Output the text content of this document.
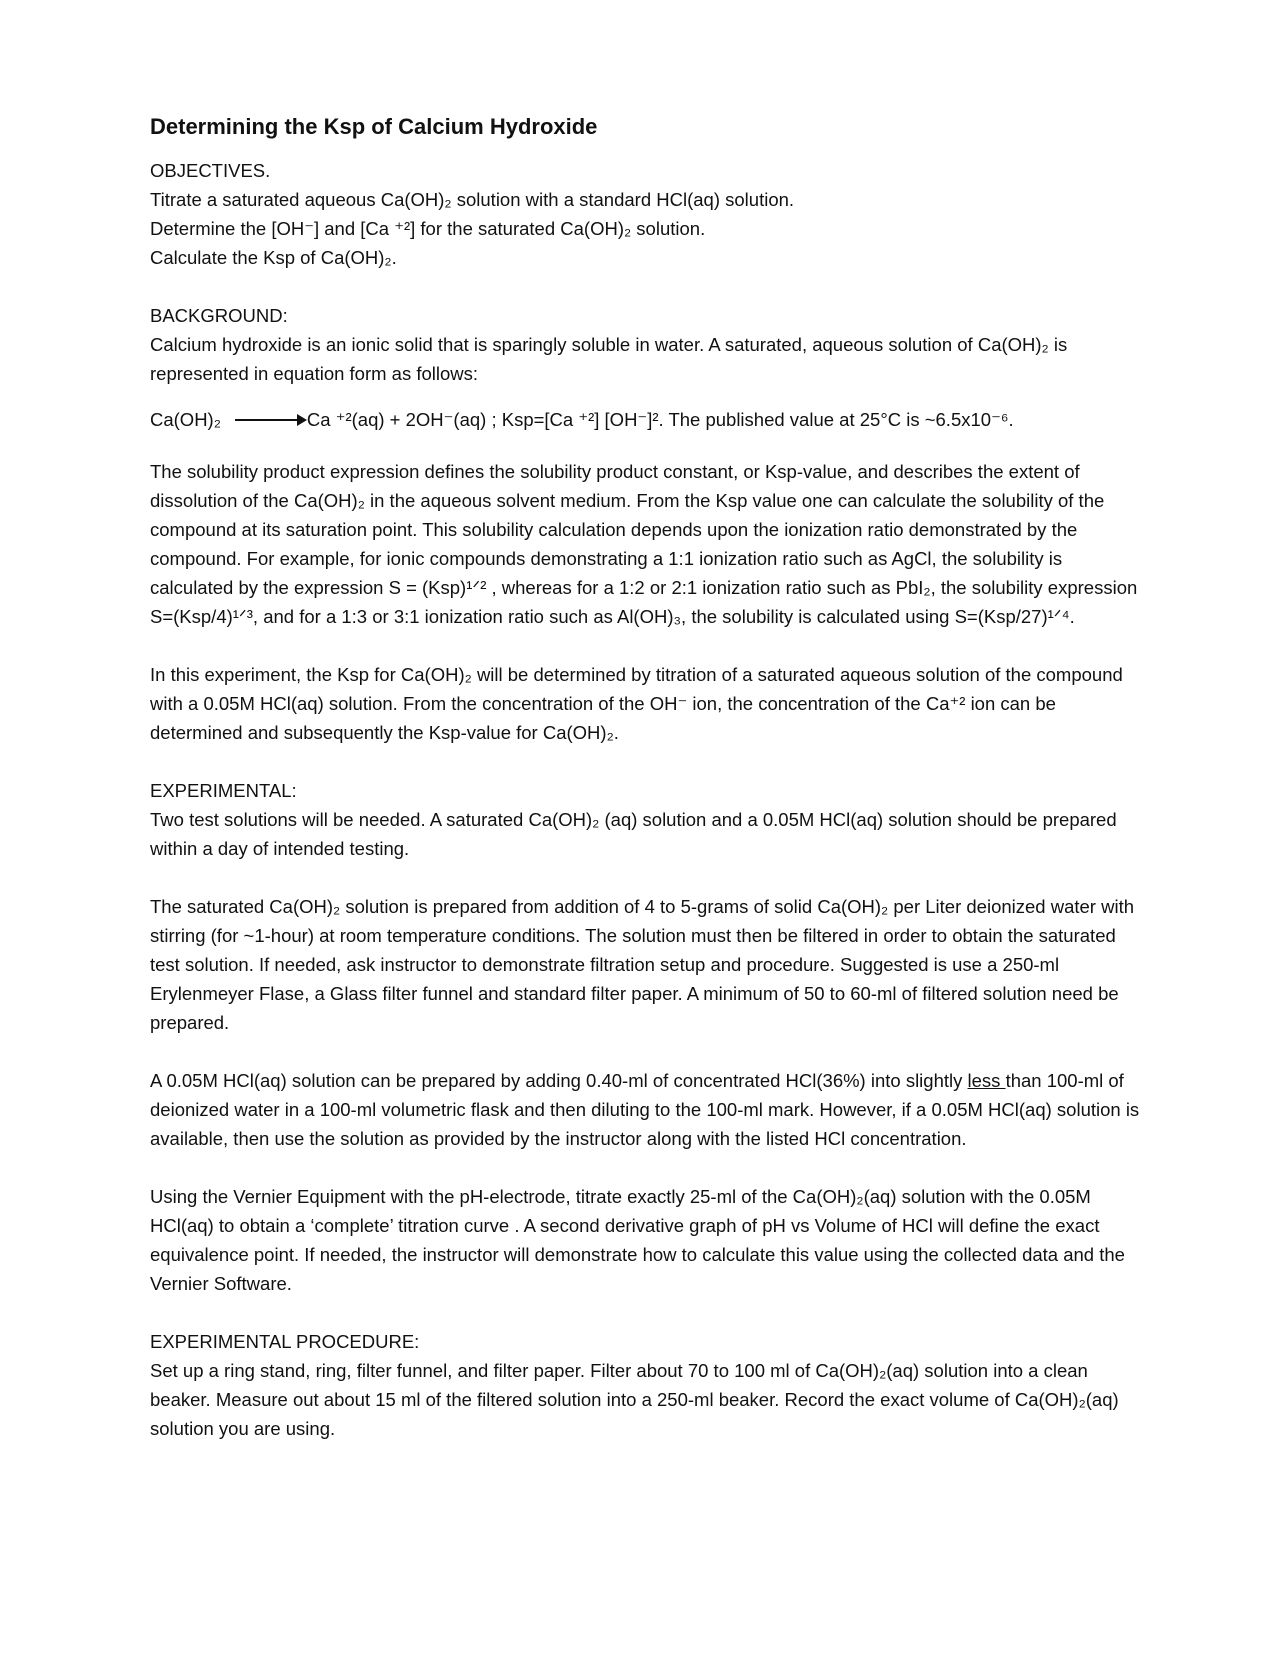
Determining the Ksp of Calcium Hydroxide

OBJECTIVES.

Titrate a saturated aqueous Ca(OH)₂ solution with a standard HCl(aq) solution.

Determine the [OH⁻] and [Ca ⁺²] for the saturated Ca(OH)₂ solution.

Calculate the Ksp of Ca(OH)₂.

BACKGROUND:

Calcium hydroxide is an ionic solid that is sparingly soluble in water. A saturated, aqueous solution of Ca(OH)₂ is represented in equation form as follows:

Ca(OH)₂	Ca ⁺²(aq) + 2OH⁻(aq) ; Ksp=[Ca ⁺²] [OH⁻]². The published value at 25°C is ~6.5x10⁻⁶.

The solubility product expression defines the solubility product constant, or Ksp-value, and describes the extent of dissolution of the Ca(OH)₂ in the aqueous solvent medium. From the Ksp value one can calculate the solubility of the compound at its saturation point. This solubility calculation depends upon the ionization ratio demonstrated by the compound. For example, for ionic compounds demonstrating a 1:1 ionization ratio such as AgCl, the solubility is calculated by the expression S = (Ksp)¹ᐟ² , whereas for a 1:2 or 2:1 ionization ratio such as PbI₂, the solubility expression S=(Ksp/4)¹ᐟ³, and for a 1:3 or 3:1 ionization ratio such as Al(OH)₃, the solubility is calculated using S=(Ksp/27)¹ᐟ⁴.

In this experiment, the Ksp for Ca(OH)₂ will be determined by titration of a saturated aqueous solution of the compound with a 0.05M HCl(aq) solution. From the concentration of the OH⁻ ion, the concentration of the Ca⁺² ion can be determined and subsequently the Ksp-value for Ca(OH)₂.

EXPERIMENTAL:

Two test solutions will be needed. A saturated Ca(OH)₂ (aq) solution and a 0.05M HCl(aq) solution should be prepared within a day of intended testing.

The saturated Ca(OH)₂ solution is prepared from addition of 4 to 5-grams of solid Ca(OH)₂ per Liter deionized water with stirring (for ~1-hour) at room temperature conditions. The solution must then be filtered in order to obtain the saturated test solution. If needed, ask instructor to demonstrate filtration setup and procedure. Suggested is use a 250-ml Erylenmeyer Flase, a Glass filter funnel and standard filter paper. A minimum of 50 to 60-ml of filtered solution need be prepared.

A 0.05M HCl(aq) solution can be prepared by adding 0.40-ml of concentrated HCl(36%) into slightly less than 100-ml of deionized water in a 100-ml volumetric flask and then diluting to the 100-ml mark. However, if a 0.05M HCl(aq) solution is available, then use the solution as provided by the instructor along with the listed HCl concentration.

Using the Vernier Equipment with the pH-electrode, titrate exactly 25-ml of the Ca(OH)₂(aq) solution with the 0.05M HCl(aq) to obtain a ‘complete’ titration curve . A second derivative graph of pH vs Volume of HCl will define the exact equivalence point. If needed, the instructor will demonstrate how to calculate this value using the collected data and the Vernier Software.

EXPERIMENTAL PROCEDURE:

Set up a ring stand, ring, filter funnel, and filter paper. Filter about 70 to 100 ml of Ca(OH)₂(aq) solution into a clean beaker. Measure out about 15 ml of the filtered solution into a 250-ml beaker. Record the exact volume of Ca(OH)₂(aq) solution you are using.
